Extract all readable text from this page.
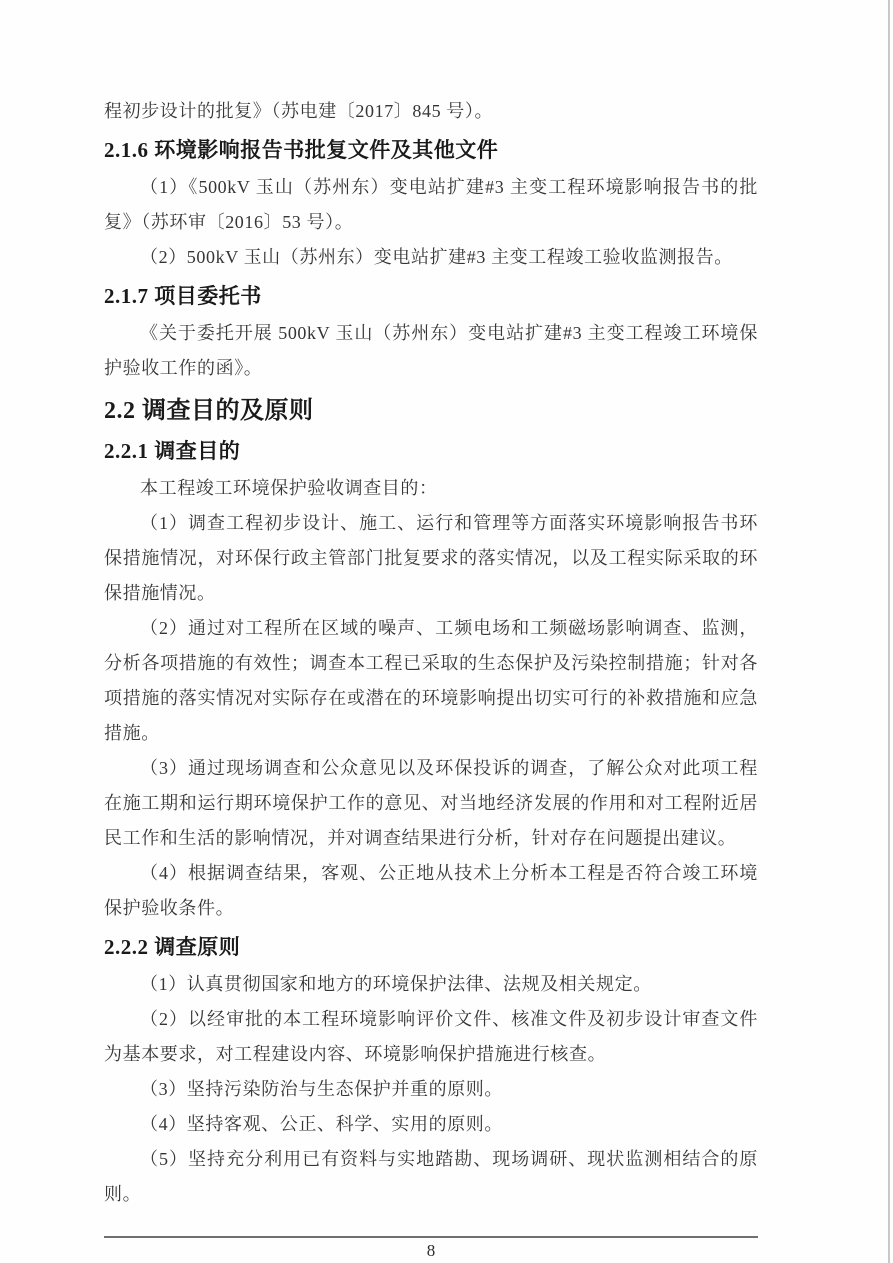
程初步设计的批复》（苏电建〔2017〕845 号）。

2.1.6 环境影响报告书批复文件及其他文件

（1）《500kV 玉山（苏州东）变电站扩建#3 主变工程环境影响报告书的批复》（苏环审〔2016〕53 号）。

（2）500kV 玉山（苏州东）变电站扩建#3 主变工程竣工验收监测报告。

2.1.7 项目委托书

《关于委托开展 500kV 玉山（苏州东）变电站扩建#3 主变工程竣工环境保护验收工作的函》。

2.2 调查目的及原则
2.2.1 调查目的

本工程竣工环境保护验收调查目的：

（1）调查工程初步设计、施工、运行和管理等方面落实环境影响报告书环保措施情况，对环保行政主管部门批复要求的落实情况，以及工程实际采取的环保措施情况。

（2）通过对工程所在区域的噪声、工频电场和工频磁场影响调查、监测，分析各项措施的有效性；调查本工程已采取的生态保护及污染控制措施；针对各项措施的落实情况对实际存在或潜在的环境影响提出切实可行的补救措施和应急措施。

（3）通过现场调查和公众意见以及环保投诉的调查，了解公众对此项工程在施工期和运行期环境保护工作的意见、对当地经济发展的作用和对工程附近居民工作和生活的影响情况，并对调查结果进行分析，针对存在问题提出建议。

（4）根据调查结果，客观、公正地从技术上分析本工程是否符合竣工环境保护验收条件。

2.2.2 调查原则

（1）认真贯彻国家和地方的环境保护法律、法规及相关规定。

（2）以经审批的本工程环境影响评价文件、核准文件及初步设计审查文件为基本要求，对工程建设内容、环境影响保护措施进行核查。

（3）坚持污染防治与生态保护并重的原则。

（4）坚持客观、公正、科学、实用的原则。

（5）坚持充分利用已有资料与实地踏勘、现场调研、现状监测相结合的原则。

8
